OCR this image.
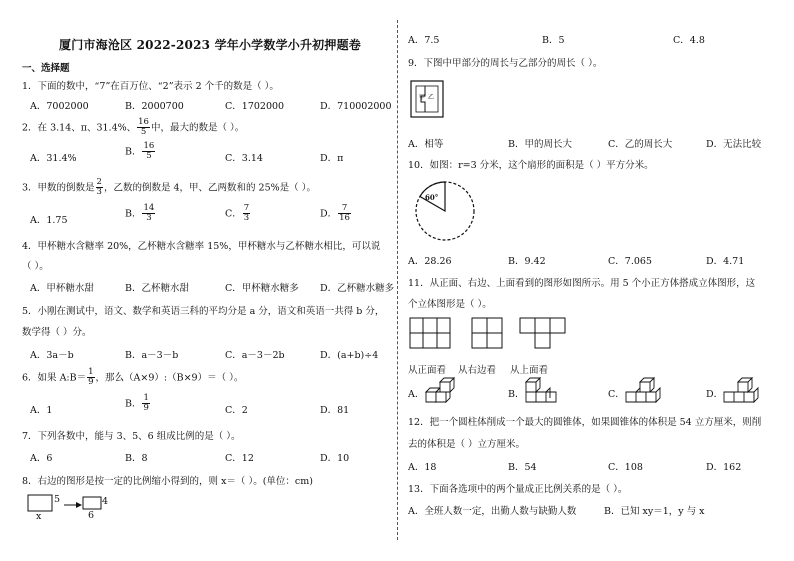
厦门市海沧区 2022-2023 学年小学数学小升初押题卷
一、选择题
1．下面的数中，“7”在百万位、“2”表示 2 个千的数是（ ）。
A．7002000	B．2000700	C．1702000	D．710002000
2．在 3.14、π、31.4%、 $\frac{16}{5}$ 中，最大的数是（ ）。
A．31.4%
B． $\frac{16}{5}$	C．3.14	D．π
3．甲数的倒数是 $\frac{2}{3}$ ，乙数的倒数是 4，甲、乙两数和的 25%是（ ）。
A．1.75
B． $\frac{14}{3}$	C． $\frac{7}{3}$	D． $\frac{7}{16}$
4．甲杯糖水含糖率 20%，乙杯糖水含糖率 15%，甲杯糖水与乙杯糖水相比，可以说
（ ）。
A．甲杯糖水甜	B．乙杯糖水甜	C．甲杯糖水糖多 D．乙杯糖水糖多
5．小刚在测试中，语文、数学和英语三科的平均分是 a 分，语文和英语一共得 b 分，
数学得（ ）分。
A．3a－b	B．a－3－b	C．a－3－2b	D．(a+b)÷4
6．如果 A:B＝ $\frac{1}{9}$ ，那么（A×9）:（B×9）＝（ ）。
A．1
B． $\frac{1}{9}$	C．2	D．81
7．下列各数中，能与 3、5、6 组成比例的是（ ）。
A．6	B．8	C．12	D．10
8．右边的图形是按一定的比例缩小得到的，则 x＝（ ）。(单位：cm)
5
x
4
6
A．7.5	B．5	C．4.8
9．下图中甲部分的周长与乙部分的周长（ ）。
甲 乙
A．相等	B．甲的周长大	C．乙的周长大	D．无法比较
10．如图：r=3 分米，这个扇形的面积是（ ）平方分米。
60°
A．28.26	B．9.42	C．7.065	D．4.71
11．从正面、右边、上面看到的图形如图所示。用 5 个小正方体搭成立体图形，这
个立体图形是（ ）。
从正面看 从右边看 从上面看
A．	B．	C．	D．
12．把一个圆柱体削成一个最大的圆锥体，如果圆锥体的体积是 54 立方厘米，则削
去的体积是（ ）立方厘米。
A．18	B．54	C．108	D．162
13．下面各选项中的两个量成正比例关系的是（ ）。
A．全班人数一定，出勤人数与缺勤人数	B．已知 xy＝1，y 与 x
